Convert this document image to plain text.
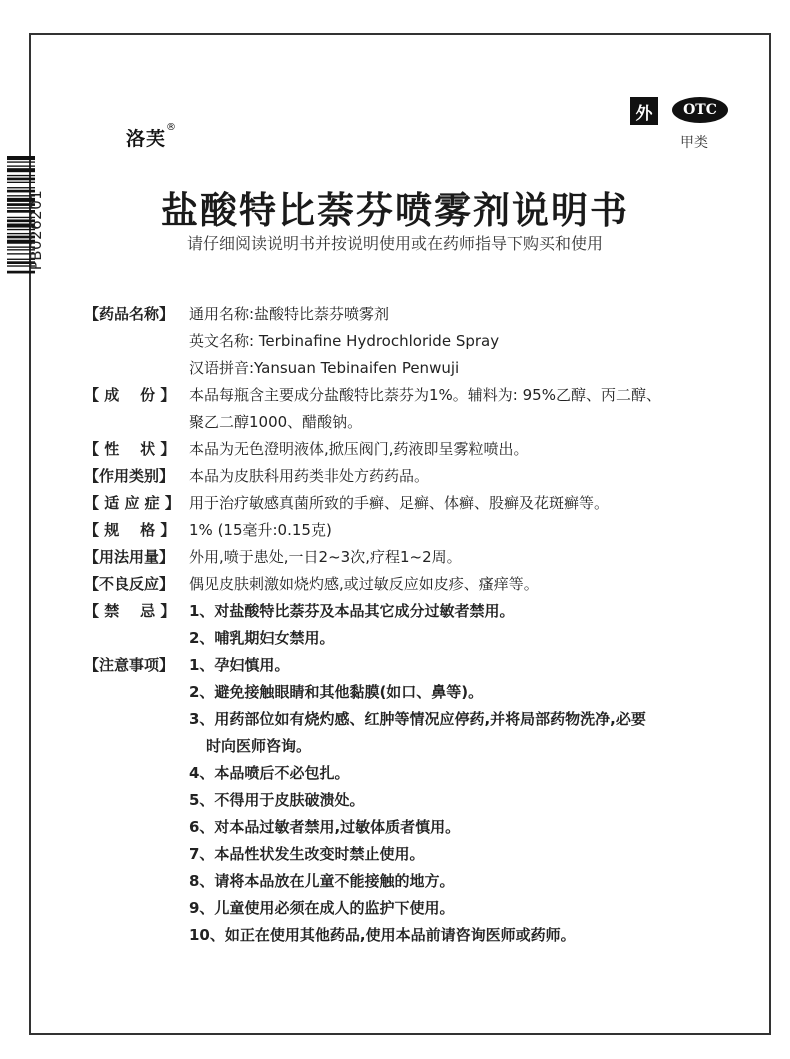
PB026201
洛芙®
外	OTC
甲类
盐酸特比萘芬喷雾剂说明书
请仔细阅读说明书并按说明使用或在药师指导下购买和使用
【药品名称】 通用名称:盐酸特比萘芬喷雾剂
英文名称: Terbinafine Hydrochloride Spray
汉语拼音:Yansuan Tebinaifen Penwuji
【 成    份 】 本品每瓶含主要成分盐酸特比萘芬为1%。辅料为: 95%乙醇、丙二醇、
聚乙二醇1000、醋酸钠。
【 性    状 】 本品为无色澄明液体,掀压阀门,药液即呈雾粒喷出。
【作用类别】 本品为皮肤科用药类非处方药药品。
【 适 应 症 】 用于治疗敏感真菌所致的手癣、足癣、体癣、股癣及花斑癣等。
【 规    格 】 1% (15毫升:0.15克)
【用法用量】 外用,喷于患处,一日2~3次,疗程1~2周。
【不良反应】 偶见皮肤刺激如烧灼感,或过敏反应如皮疹、瘙痒等。
【 禁    忌 】 1、对盐酸特比萘芬及本品其它成分过敏者禁用。
2、哺乳期妇女禁用。
【注意事项】 1、孕妇慎用。
2、避免接触眼睛和其他黏膜(如口、鼻等)。
3、用药部位如有烧灼感、红肿等情况应停药,并将局部药物洗净,必要
时向医师咨询。
4、本品喷后不必包扎。
5、不得用于皮肤破溃处。
6、对本品过敏者禁用,过敏体质者慎用。
7、本品性状发生改变时禁止使用。
8、请将本品放在儿童不能接触的地方。
9、儿童使用必须在成人的监护下使用。
10、如正在使用其他药品,使用本品前请咨询医师或药师。
